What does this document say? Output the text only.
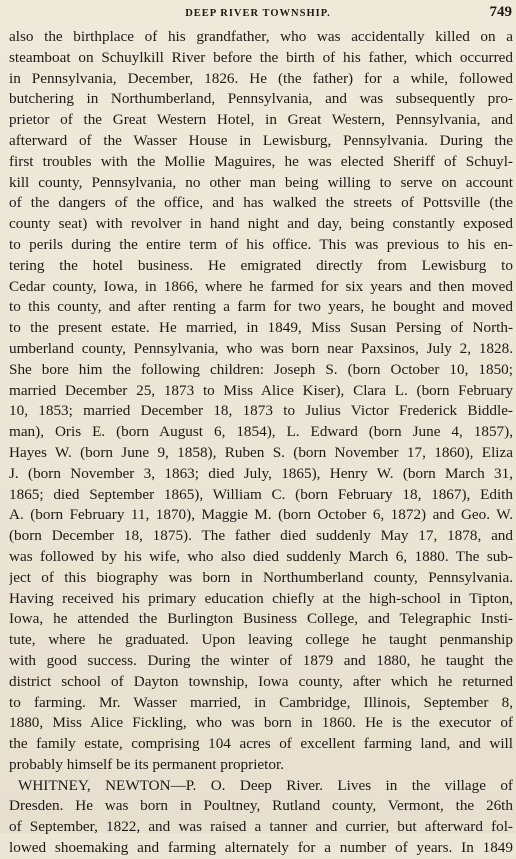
DEEP RIVER TOWNSHIP.	749
also the birthplace of his grandfather, who was accidentally killed on a
steamboat on Schuylkill River before the birth of his father, which occurred
in Pennsylvania, December, 1826. He (the father) for a while, followed
butchering in Northumberland, Pennsylvania, and was subsequently pro-
prietor of the Great Western Hotel, in Great Western, Pennsylvania, and
afterward of the Wasser House in Lewisburg, Pennsylvania. During the
first troubles with the Mollie Maguires, he was elected Sheriff of Schuyl-
kill county, Pennsylvania, no other man being willing to serve on account
of the dangers of the office, and has walked the streets of Pottsville (the
county seat) with revolver in hand night and day, being constantly exposed
to perils during the entire term of his office. This was previous to his en-
tering the hotel business. He emigrated directly from Lewisburg to
Cedar county, Iowa, in 1866, where he farmed for six years and then moved
to this county, and after renting a farm for two years, he bought and moved
to the present estate. He married, in 1849, Miss Susan Persing of North-
umberland county, Pennsylvania, who was born near Paxsinos, July 2, 1828.
She bore him the following children: Joseph S. (born October 10, 1850;
married December 25, 1873 to Miss Alice Kiser), Clara L. (born February
10, 1853; married December 18, 1873 to Julius Victor Frederick Biddle-
man), Oris E. (born August 6, 1854), L. Edward (born June 4, 1857),
Hayes W. (born June 9, 1858), Ruben S. (born November 17, 1860), Eliza
J. (born November 3, 1863; died July, 1865), Henry W. (born March 31,
1865; died September 1865), William C. (born February 18, 1867), Edith
A. (born February 11, 1870), Maggie M. (born October 6, 1872) and Geo. W.
(born December 18, 1875). The father died suddenly May 17, 1878, and
was followed by his wife, who also died suddenly March 6, 1880. The sub-
ject of this biography was born in Northumberland county, Pennsylvania.
Having received his primary education chiefly at the high-school in Tipton,
Iowa, he attended the Burlington Business College, and Telegraphic Insti-
tute, where he graduated. Upon leaving college he taught penmanship
with good success. During the winter of 1879 and 1880, he taught the
district school of Dayton township, Iowa county, after which he returned
to farming. Mr. Wasser married, in Cambridge, Illinois, September 8,
1880, Miss Alice Fickling, who was born in 1860. He is the executor of
the family estate, comprising 104 acres of excellent farming land, and will
probably himself be its permanent proprietor.
WHITNEY, NEWTON—P. O. Deep River. Lives in the village of
Dresden. He was born in Poultney, Rutland county, Vermont, the 26th
of September, 1822, and was raised a tanner and currier, but afterward fol-
lowed shoemaking and farming alternately for a number of years. In 1849
